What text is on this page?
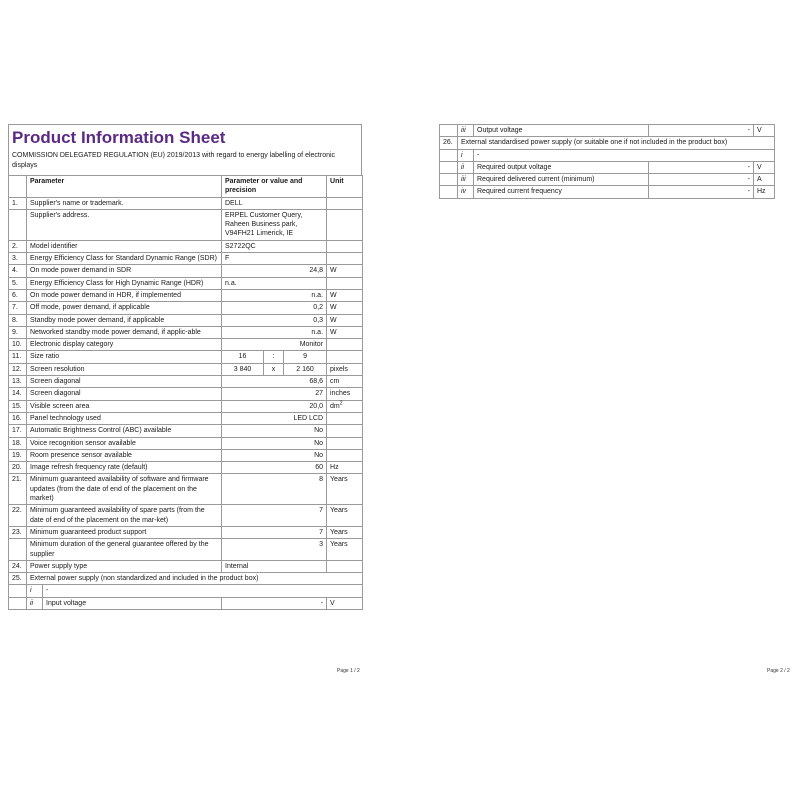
Product Information Sheet
COMMISSION DELEGATED REGULATION (EU) 2019/2013 with regard to energy labelling of electronic displays
	Parameter		Parameter or value and precision			Unit
1.	Supplier's name or trademark.		DELL			
	Supplier's address.		ERPEL Customer Query, Raheen Business park, V94FH21 Limerick, IE			
2.	Model identifier		S2722QC			
3.	Energy Efficiency Class for Standard Dynamic Range (SDR)		F			
4.	On mode power demand in SDR		24,8			W
5.	Energy Efficiency Class for High Dynamic Range (HDR)		n.a.			
6.	On mode power demand in HDR, if implemented		n.a.			W
7.	Off mode, power demand, if applicable		0,2			W
8.	Standby mode power demand, if applicable		0,3			W
9.	Networked standby mode power demand, if applic-able		n.a.			W
10.	Electronic display category		Monitor			
11.	Size ratio		16	:	9	
12.	Screen resolution		3 840	x	2 160	pixels
13.	Screen diagonal		68,6			cm
14.	Screen diagonal		27			inches
15.	Visible screen area		20,0			$dm^2$
16.	Panel technology used		LED LCD			
17.	Automatic Brightness Control (ABC) available		No			
18.	Voice recognition sensor available		No			
19.	Room presence sensor available		No			
20.	Image refresh frequency rate (default)		60			Hz
21.	Minimum guaranteed availability of software and firmware updates (from the date of end of the placement on the market)		8			Years
22.	Minimum guaranteed availability of spare parts (from the date of end of the placement on the mar-ket)		7			Years
23.	Minimum guaranteed product support		7			Years
	Minimum duration of the general guarantee offered by the supplier		3			Years
24.	Power supply type		Internal			
25.	External power supply (non standardized and included in the product box)					
	i	-				
	ii	Input voltage	-			V
	iii	Output voltage	-	V
26.	External standardised power supply (or suitable one if not included in the product box)			
	i	-		
	ii	Required output voltage	-	V
	iii	Required delivered current (minimum)	-	A
	iv	Required current frequency	-	Hz
Page 1 / 2	Page 2 / 2
